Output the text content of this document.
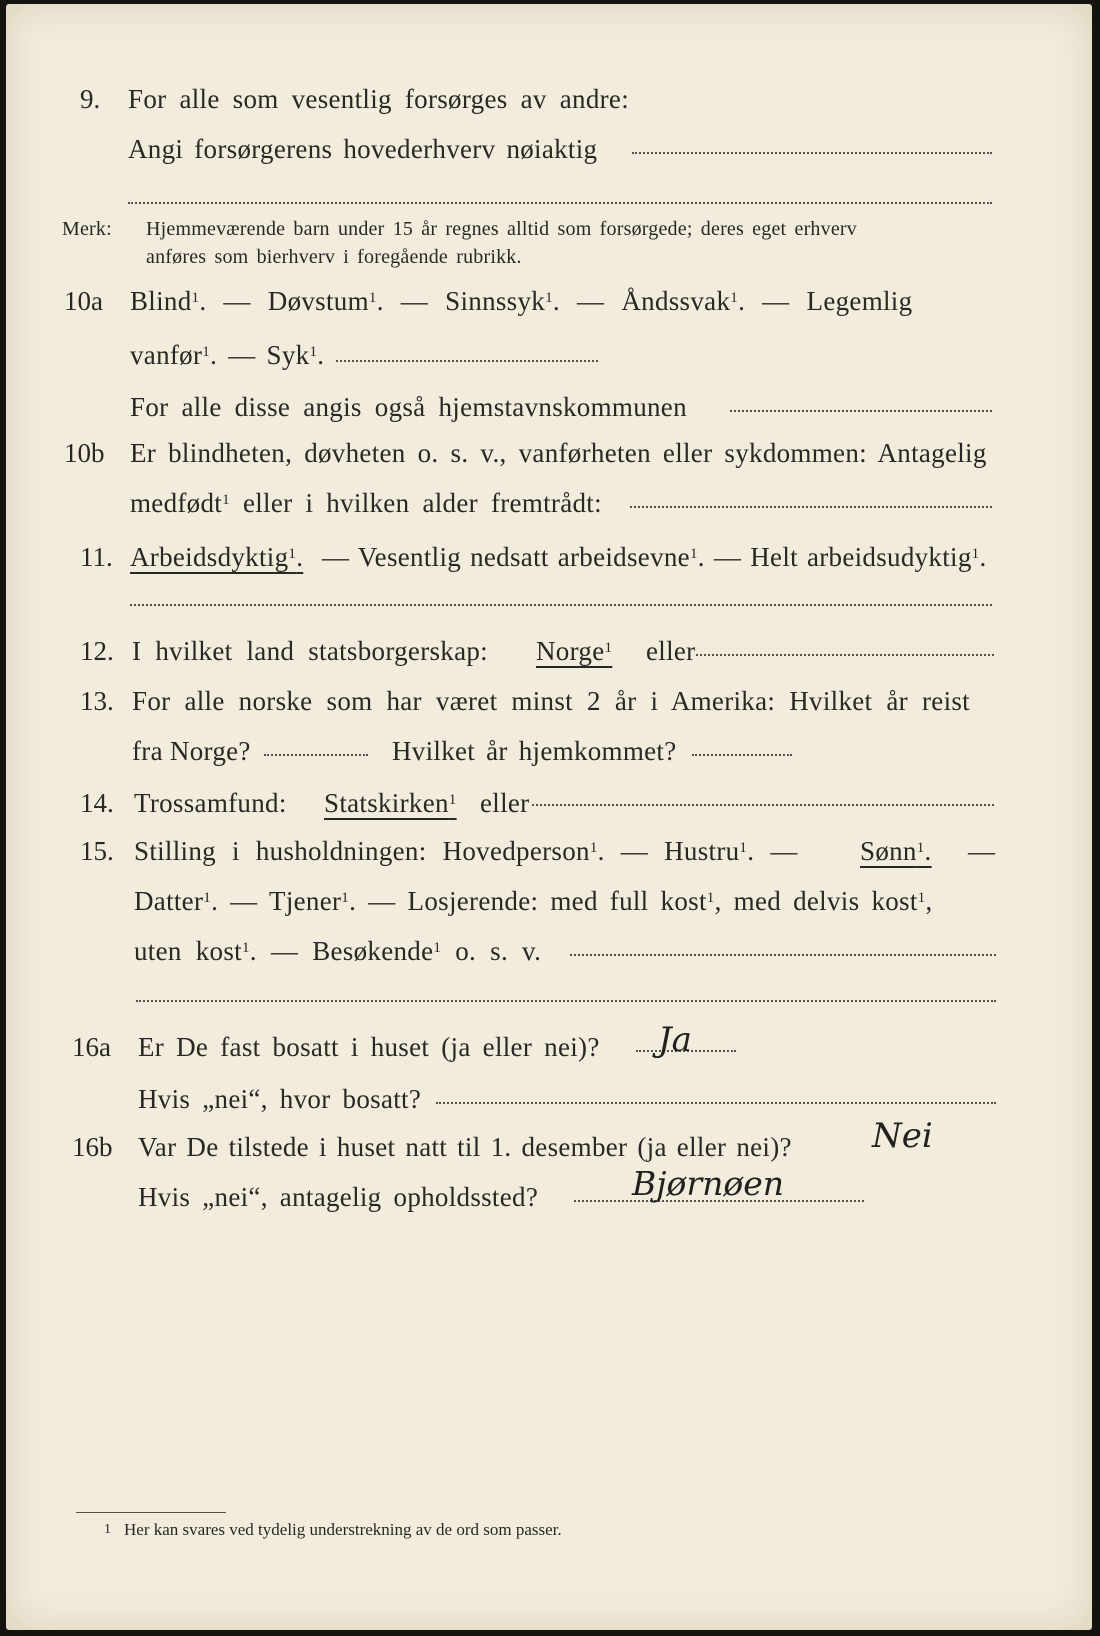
9. For alle som vesentlig forsørges av andre:
Angi forsørgerens hovederhverv nøiaktig
Merk: Hjemmeværende barn under 15 år regnes alltid som forsørgede; deres eget erhverv
anføres som bierhverv i foregående rubrikk.
10a Blind$^1$. — Døvstum$^1$. — Sinnssyk$^1$. — Åndssvak$^1$. — Legemlig
vanfør$^1$. — Syk$^1$.
For alle disse angis også hjemstavnskommunen
10b Er blindheten, døvheten o. s. v., vanførheten eller sykdommen: Antagelig
medfødt$^1$ eller i hvilken alder fremtrådt:
11. Arbeidsdyktig$^1$. — Vesentlig nedsatt arbeidsevne$^1$. — Helt arbeidsudyktig$^1$.
12. I hvilket land statsborgerskap: Norge$^1$ eller
13. For alle norske som har været minst 2 år i Amerika: Hvilket år reist
fra Norge?	Hvilket år hjemkommet?
14. Trossamfund: Statskirken$^1$ eller
15. Stilling i husholdningen: Hovedperson$^1$. — Hustru$^1$. — Sønn$^1$. —
Datter$^1$. — Tjener$^1$. — Losjerende: med full kost$^1$, med delvis kost$^1$,
uten kost$^1$. — Besøkende$^1$ o. s. v.
16a Er De fast bosatt i huset (ja eller nei)? Ja
Hvis „nei“, hvor bosatt?
16b Var De tilstede i huset natt til 1. desember (ja eller nei)? Nei
Hvis „nei“, antagelig opholdssted?	Bjørnøen
1 Her kan svares ved tydelig understrekning av de ord som passer.
